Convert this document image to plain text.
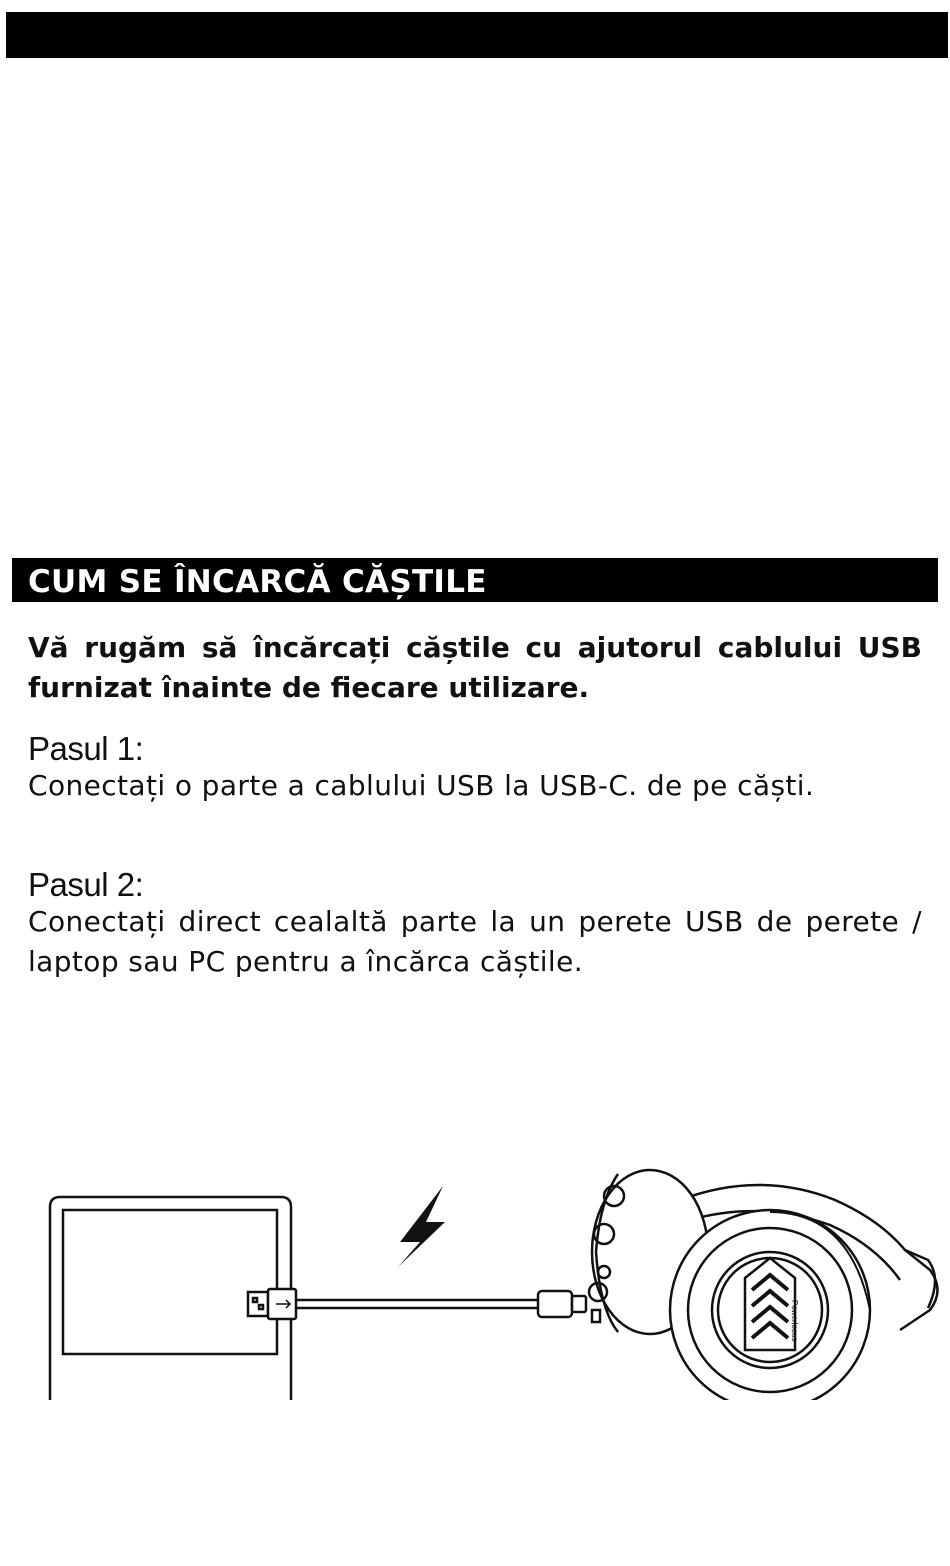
CUM SE ÎNCARCĂ CĂȘTILE
Vă rugăm să încărcați căștile cu ajutorul cablului USB furnizat înainte de fiecare utilizare.
Pasul 1:
Conectați o parte a cablului USB la USB-C. de pe căști.
Pasul 2:
Conectați direct cealaltă parte la un perete USB de perete / laptop sau PC pentru a încărca căștile.
Powerlocus
